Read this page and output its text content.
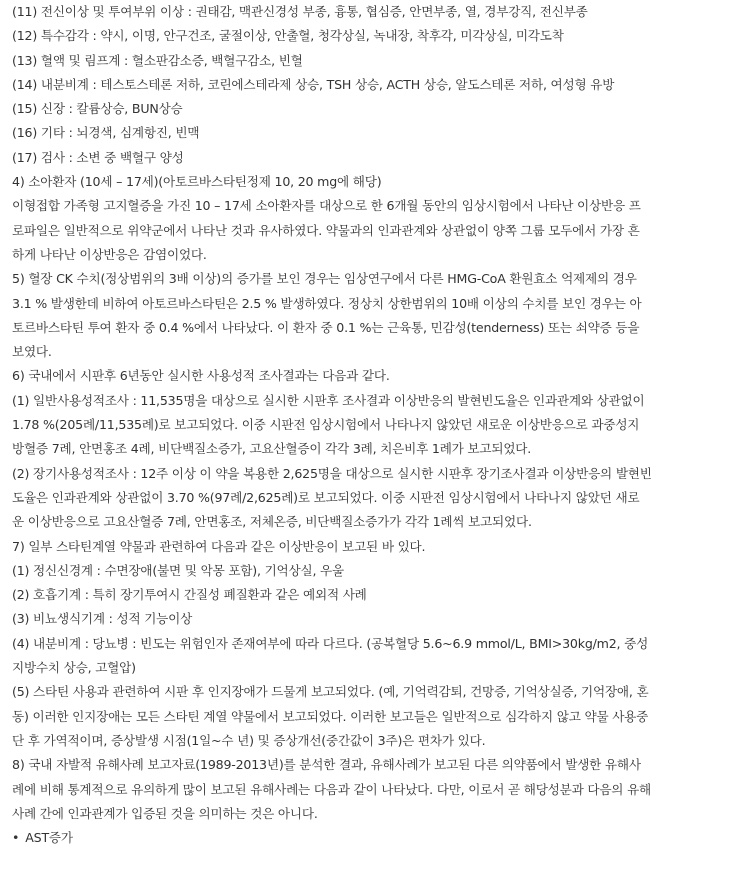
(11) 전신이상 및 투여부위 이상 : 권태감, 맥관신경성 부종, 흉통, 협심증, 안면부종, 열, 경부강직, 전신부종
(12) 특수감각 : 약시, 이명, 안구건조, 굴절이상, 안출혈, 청각상실, 녹내장, 착후각, 미각상실, 미각도착
(13) 혈액 및 림프계 : 혈소판감소증, 백혈구감소, 빈혈
(14) 내분비계 : 테스토스테론 저하, 코린에스테라제 상승, TSH 상승, ACTH 상승, 알도스테론 저하, 여성형 유방
(15) 신장 : 칼륨상승, BUN상승
(16) 기타 : 뇌경색, 심계항진, 빈맥
(17) 검사 : 소변 중 백혈구 양성
4) 소아환자 (10세 – 17세)(아토르바스타틴정제 10, 20 mg에 해당)
이형접합 가족형 고지혈증을 가진 10 – 17세 소아환자를 대상으로 한 6개월 동안의 임상시험에서 나타난 이상반응 프
로파일은 일반적으로 위약군에서 나타난 것과 유사하였다. 약물과의 인과관계와 상관없이 양쪽 그룹 모두에서 가장 흔
하게 나타난 이상반응은 감염이었다.
5) 혈장 CK 수치(정상범위의 3배 이상)의 증가를 보인 경우는 임상연구에서 다른 HMG-CoA 환원효소 억제제의 경우
3.1 % 발생한데 비하여 아토르바스타틴은 2.5 % 발생하였다. 정상치 상한범위의 10배 이상의 수치를 보인 경우는 아
토르바스타틴 투여 환자 중 0.4 %에서 나타났다. 이 환자 중 0.1 %는 근육통, 민감성(tenderness) 또는 쇠약증 등을
보였다.
6) 국내에서 시판후 6년동안 실시한 사용성적 조사결과는 다음과 같다.
(1) 일반사용성적조사 : 11,535명을 대상으로 실시한 시판후 조사결과 이상반응의 발현빈도율은 인과관계와 상관없이
1.78 %(205례/11,535례)로 보고되었다. 이중 시판전 임상시험에서 나타나지 않았던 새로운 이상반응으로 과중성지
방혈증 7례, 안면홍조 4례, 비단백질소증가, 고요산혈증이 각각 3례, 치은비후 1례가 보고되었다.
(2) 장기사용성적조사 : 12주 이상 이 약을 복용한 2,625명을 대상으로 실시한 시판후 장기조사결과 이상반응의 발현빈
도율은 인과관계와 상관없이 3.70 %(97례/2,625례)로 보고되었다. 이중 시판전 임상시험에서 나타나지 않았던 새로
운 이상반응으로 고요산혈증 7례, 안면홍조, 저체온증, 비단백질소증가가 각각 1례씩 보고되었다.
7) 일부 스타틴계열 약물과 관련하여 다음과 같은 이상반응이 보고된 바 있다.
(1) 정신신경계 : 수면장애(불면 및 악몽 포함), 기억상실, 우울
(2) 호흡기계 : 특히 장기투여시 간질성 폐질환과 같은 예외적 사례
(3) 비뇨생식기계 : 성적 기능이상
(4) 내분비계 : 당뇨병 : 빈도는 위험인자 존재여부에 따라 다르다. (공복혈당 5.6~6.9 mmol/L, BMI>30kg/m2, 중성
지방수치 상승, 고혈압)
(5) 스타틴 사용과 관련하여 시판 후 인지장애가 드물게 보고되었다. (예, 기억력감퇴, 건망증, 기억상실증, 기억장애, 혼
동) 이러한 인지장애는 모든 스타틴 계열 약물에서 보고되었다. 이러한 보고들은 일반적으로 심각하지 않고 약물 사용중
단 후 가역적이며, 증상발생 시점(1일~수 년) 및 증상개선(중간값이 3주)은 편차가 있다.
8) 국내 자발적 유해사례 보고자료(1989-2013년)를 분석한 결과, 유해사례가 보고된 다른 의약품에서 발생한 유해사
례에 비해 통계적으로 유의하게 많이 보고된 유해사례는 다음과 같이 나타났다. 다만, 이로서 곧 해당성분과 다음의 유해
사례 간에 인과관계가 입증된 것을 의미하는 것은 아니다.
• AST증가
